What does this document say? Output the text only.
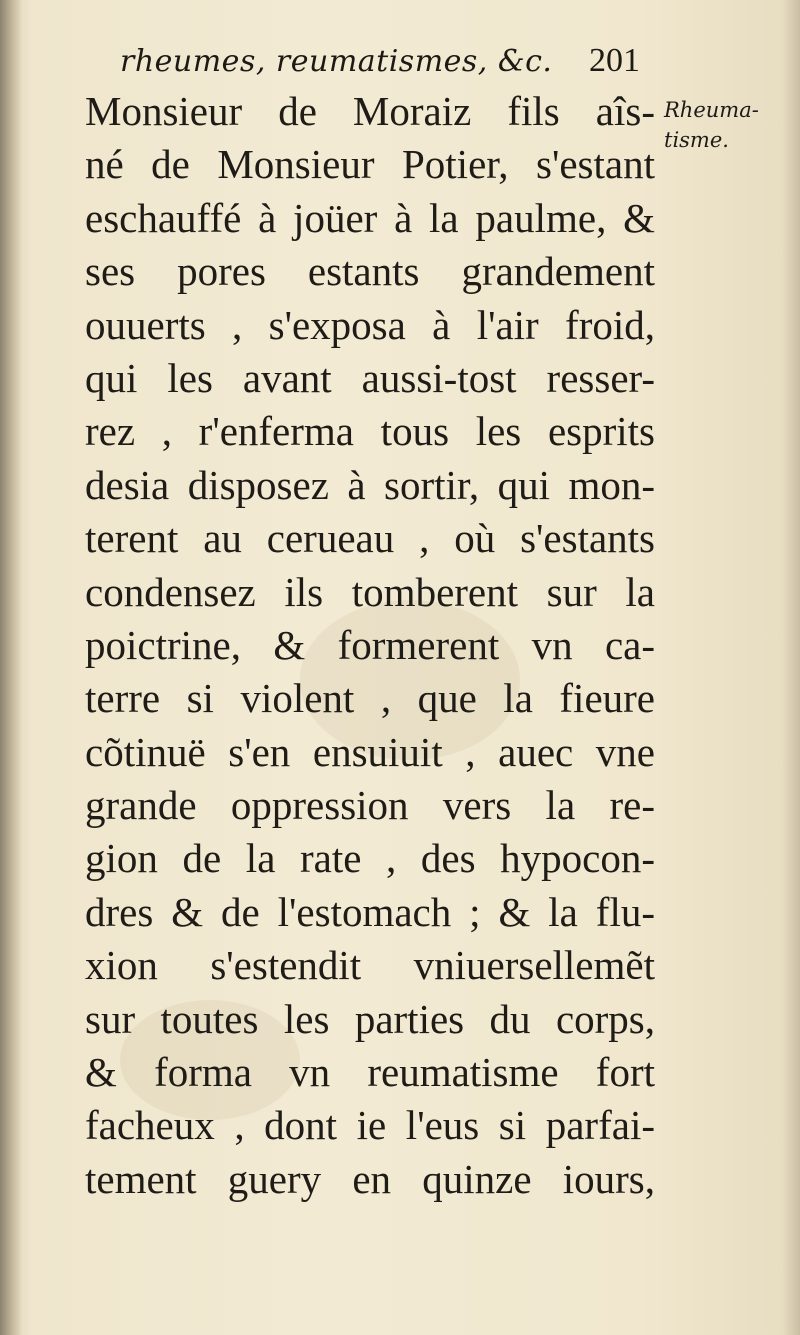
rheumes, reumatismes, &c. 201
Rheuma-
tisme.
Monsieur de Moraiz fils aîs-
né de Monsieur Potier, s'estant
eschauffé à joüer à la paulme, &
ses pores estants grandement
ouuerts , s'exposa à l'air froid,
qui les avant aussi-tost resser-
rez , r'enferma tous les esprits
desia disposez à sortir, qui mon-
terent au cerueau , où s'estants
condensez ils tomberent sur la
poictrine, & formerent vn ca-
terre si violent , que la fieure
cõtinuë s'en ensuiuit , auec vne
grande oppression vers la re-
gion de la rate , des hypocon-
dres & de l'estomach ; & la flu-
xion s'estendit vniuersellemẽt
sur toutes les parties du corps,
& forma vn reumatisme fort
facheux , dont ie l'eus si parfai-
tement guery en quinze iours,
